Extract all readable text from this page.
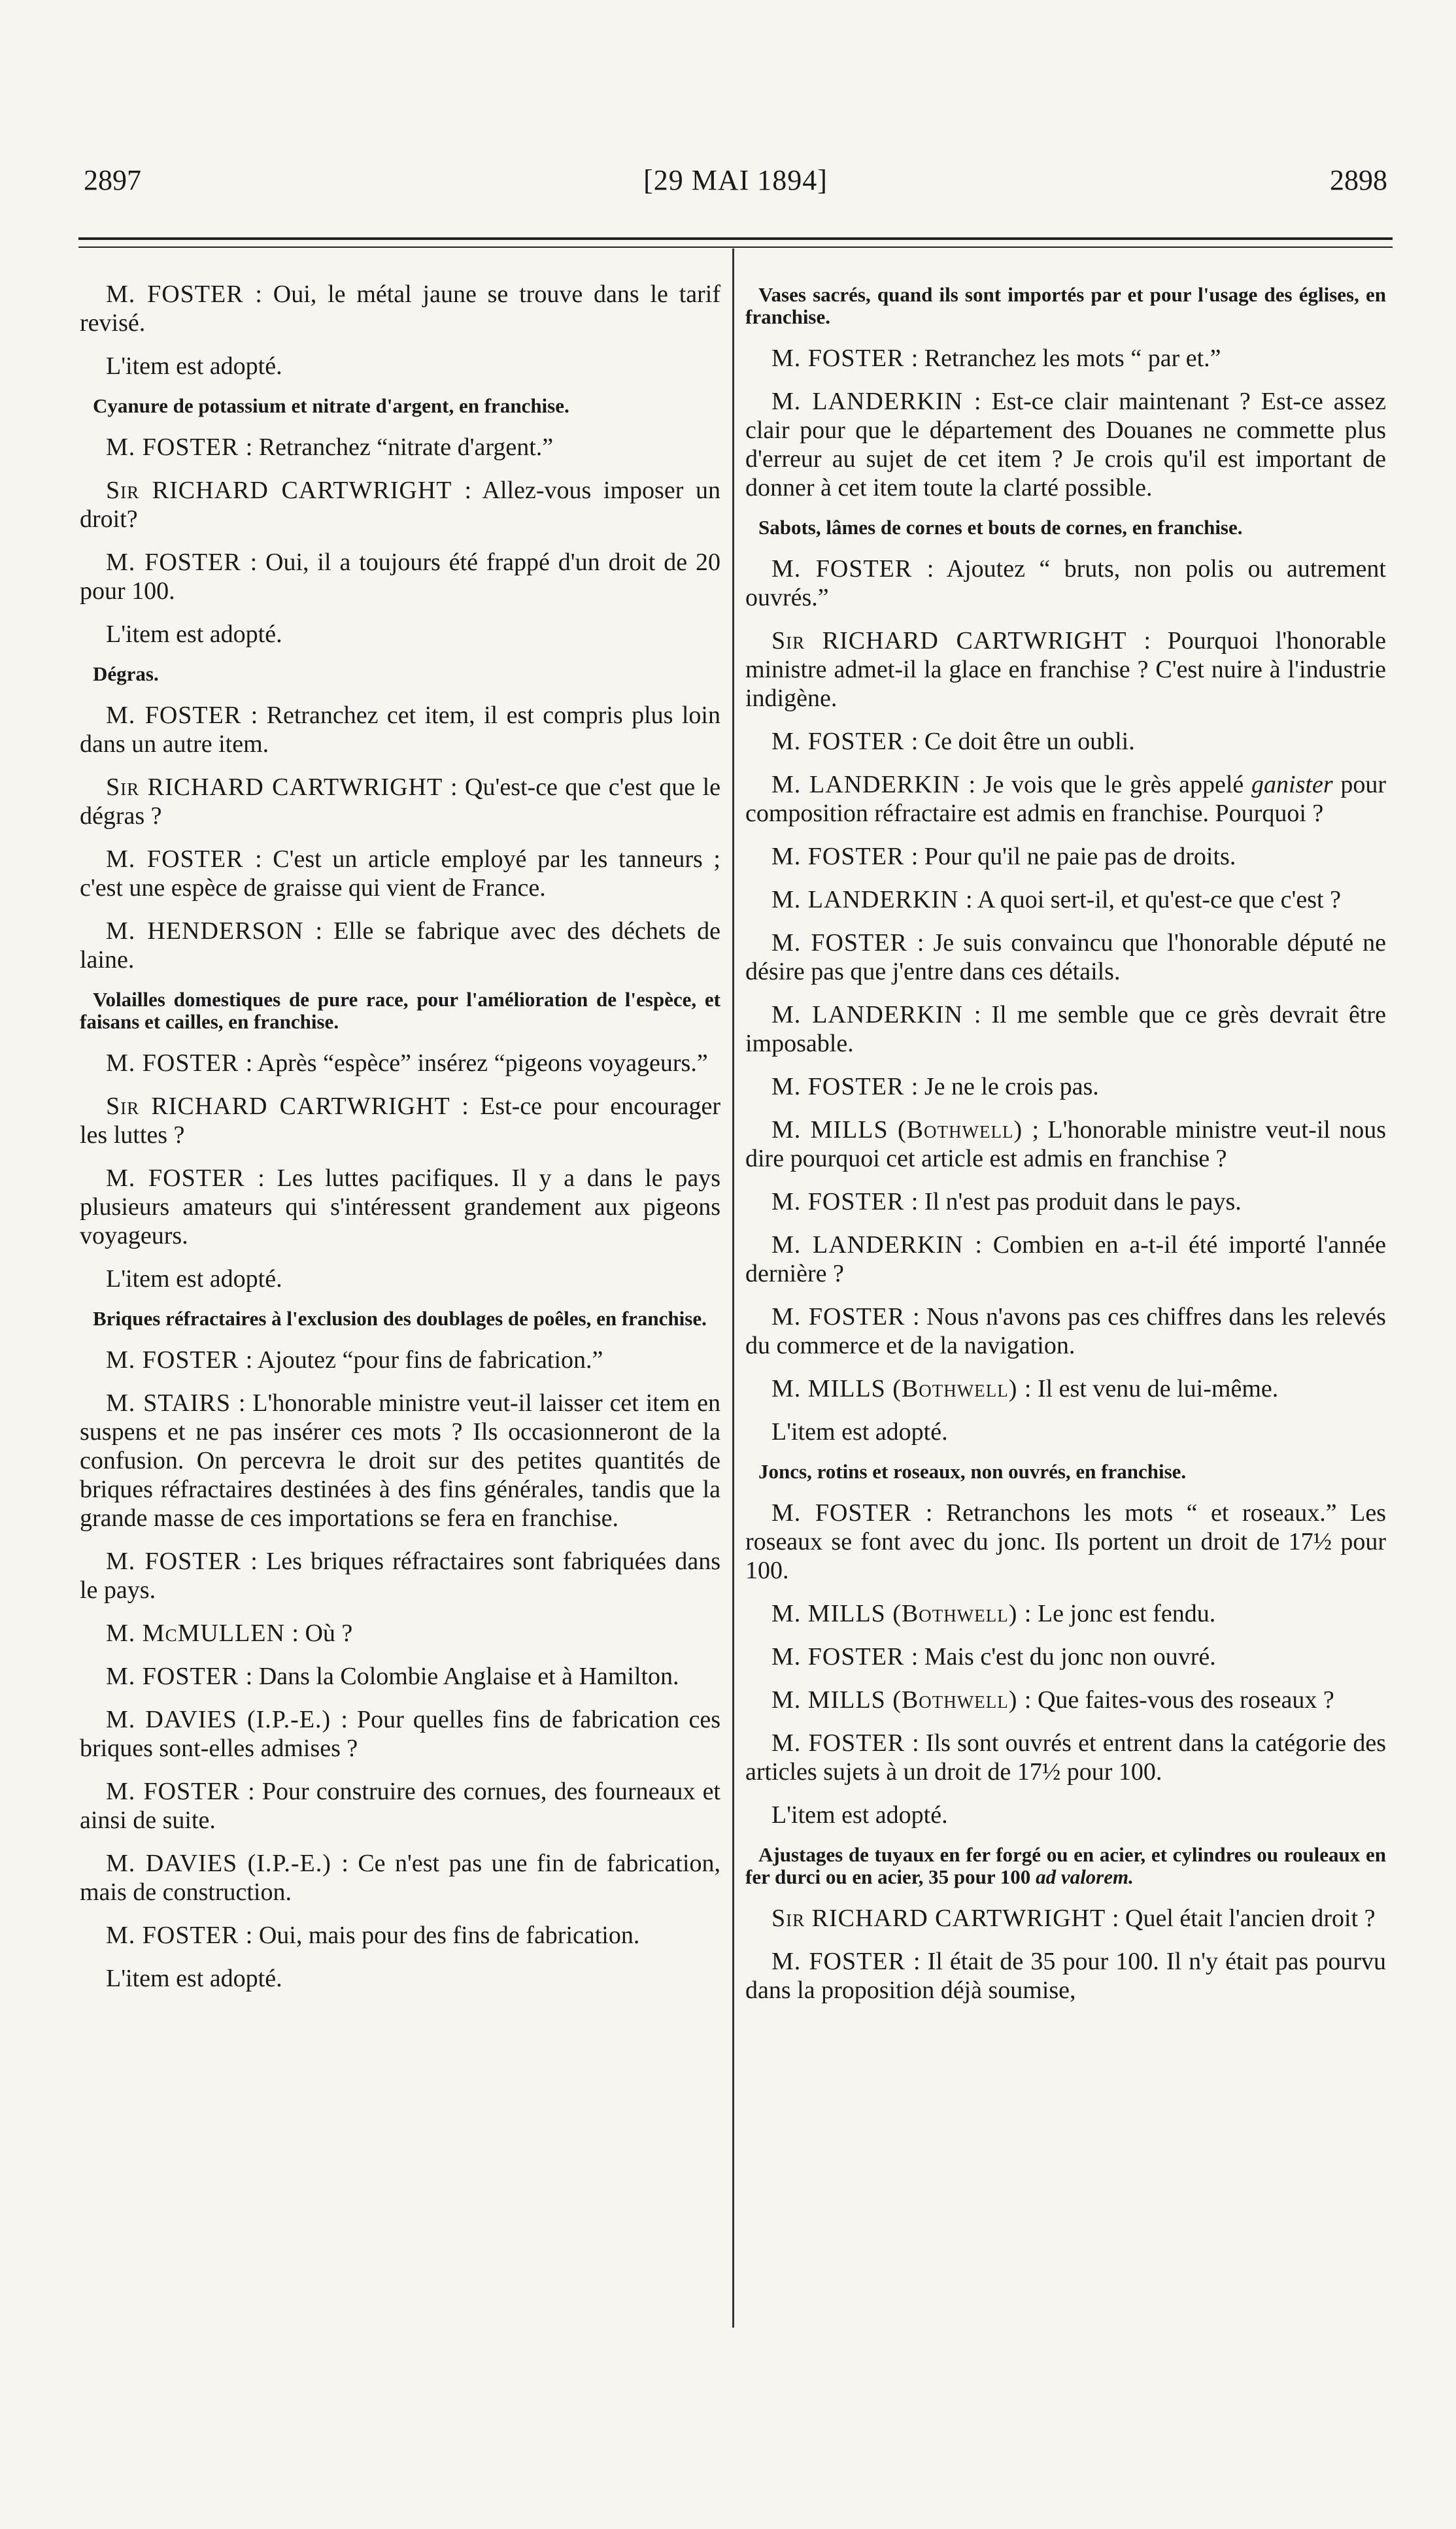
2897	[29 MAI 1894]	2898

M. FOSTER : Oui, le métal jaune se trouve dans le tarif revisé.

L'item est adopté.

Cyanure de potassium et nitrate d'argent, en franchise.

M. FOSTER : Retranchez “nitrate d'argent.”

Sir RICHARD CARTWRIGHT : Allez-vous imposer un droit?

M. FOSTER : Oui, il a toujours été frappé d'un droit de 20 pour 100.

L'item est adopté.

Dégras.

M. FOSTER : Retranchez cet item, il est compris plus loin dans un autre item.

Sir RICHARD CARTWRIGHT : Qu'est-ce que c'est que le dégras ?

M. FOSTER : C'est un article employé par les tanneurs ; c'est une espèce de graisse qui vient de France.

M. HENDERSON : Elle se fabrique avec des déchets de laine.

Volailles domestiques de pure race, pour l'amélioration de l'espèce, et faisans et cailles, en franchise.

M. FOSTER : Après “espèce” insérez “pigeons voyageurs.”

Sir RICHARD CARTWRIGHT : Est-ce pour encourager les luttes ?

M. FOSTER : Les luttes pacifiques. Il y a dans le pays plusieurs amateurs qui s'intéressent grandement aux pigeons voyageurs.

L'item est adopté.

Briques réfractaires à l'exclusion des doublages de poêles, en franchise.

M. FOSTER : Ajoutez “pour fins de fabrication.”

M. STAIRS : L'honorable ministre veut-il laisser cet item en suspens et ne pas insérer ces mots ? Ils occasionneront de la confusion. On percevra le droit sur des petites quantités de briques réfractaires destinées à des fins générales, tandis que la grande masse de ces importations se fera en franchise.

M. FOSTER : Les briques réfractaires sont fabriquées dans le pays.

M. McMULLEN : Où ?

M. FOSTER : Dans la Colombie Anglaise et à Hamilton.

M. DAVIES (I.P.-E.) : Pour quelles fins de fabrication ces briques sont-elles admises ?

M. FOSTER : Pour construire des cornues, des fourneaux et ainsi de suite.

M. DAVIES (I.P.-E.) : Ce n'est pas une fin de fabrication, mais de construction.

M. FOSTER : Oui, mais pour des fins de fabrication.

L'item est adopté.

Vases sacrés, quand ils sont importés par et pour l'usage des églises, en franchise.

M. FOSTER : Retranchez les mots “ par et.”

M. LANDERKIN : Est-ce clair maintenant ? Est-ce assez clair pour que le département des Douanes ne commette plus d'erreur au sujet de cet item ? Je crois qu'il est important de donner à cet item toute la clarté possible.

Sabots, lâmes de cornes et bouts de cornes, en franchise.

M. FOSTER : Ajoutez “ bruts, non polis ou autrement ouvrés.”

Sir RICHARD CARTWRIGHT : Pourquoi l'honorable ministre admet-il la glace en franchise ? C'est nuire à l'industrie indigène.

M. FOSTER : Ce doit être un oubli.

M. LANDERKIN : Je vois que le grès appelé ganister pour composition réfractaire est admis en franchise. Pourquoi ?

M. FOSTER : Pour qu'il ne paie pas de droits.

M. LANDERKIN : A quoi sert-il, et qu'est-ce que c'est ?

M. FOSTER : Je suis convaincu que l'honorable député ne désire pas que j'entre dans ces détails.

M. LANDERKIN : Il me semble que ce grès devrait être imposable.

M. FOSTER : Je ne le crois pas.

M. MILLS (Bothwell) ; L'honorable ministre veut-il nous dire pourquoi cet article est admis en franchise ?

M. FOSTER : Il n'est pas produit dans le pays.

M. LANDERKIN : Combien en a-t-il été importé l'année dernière ?

M. FOSTER : Nous n'avons pas ces chiffres dans les relevés du commerce et de la navigation.

M. MILLS (Bothwell) : Il est venu de lui-même.

L'item est adopté.

Joncs, rotins et roseaux, non ouvrés, en franchise.

M. FOSTER : Retranchons les mots “ et roseaux.” Les roseaux se font avec du jonc. Ils portent un droit de 17½ pour 100.

M. MILLS (Bothwell) : Le jonc est fendu.

M. FOSTER : Mais c'est du jonc non ouvré.

M. MILLS (Bothwell) : Que faites-vous des roseaux ?

M. FOSTER : Ils sont ouvrés et entrent dans la catégorie des articles sujets à un droit de 17½ pour 100.

L'item est adopté.

Ajustages de tuyaux en fer forgé ou en acier, et cylindres ou rouleaux en fer durci ou en acier, 35 pour 100 ad valorem.

Sir RICHARD CARTWRIGHT : Quel était l'ancien droit ?

M. FOSTER : Il était de 35 pour 100. Il n'y était pas pourvu dans la proposition déjà soumise,
